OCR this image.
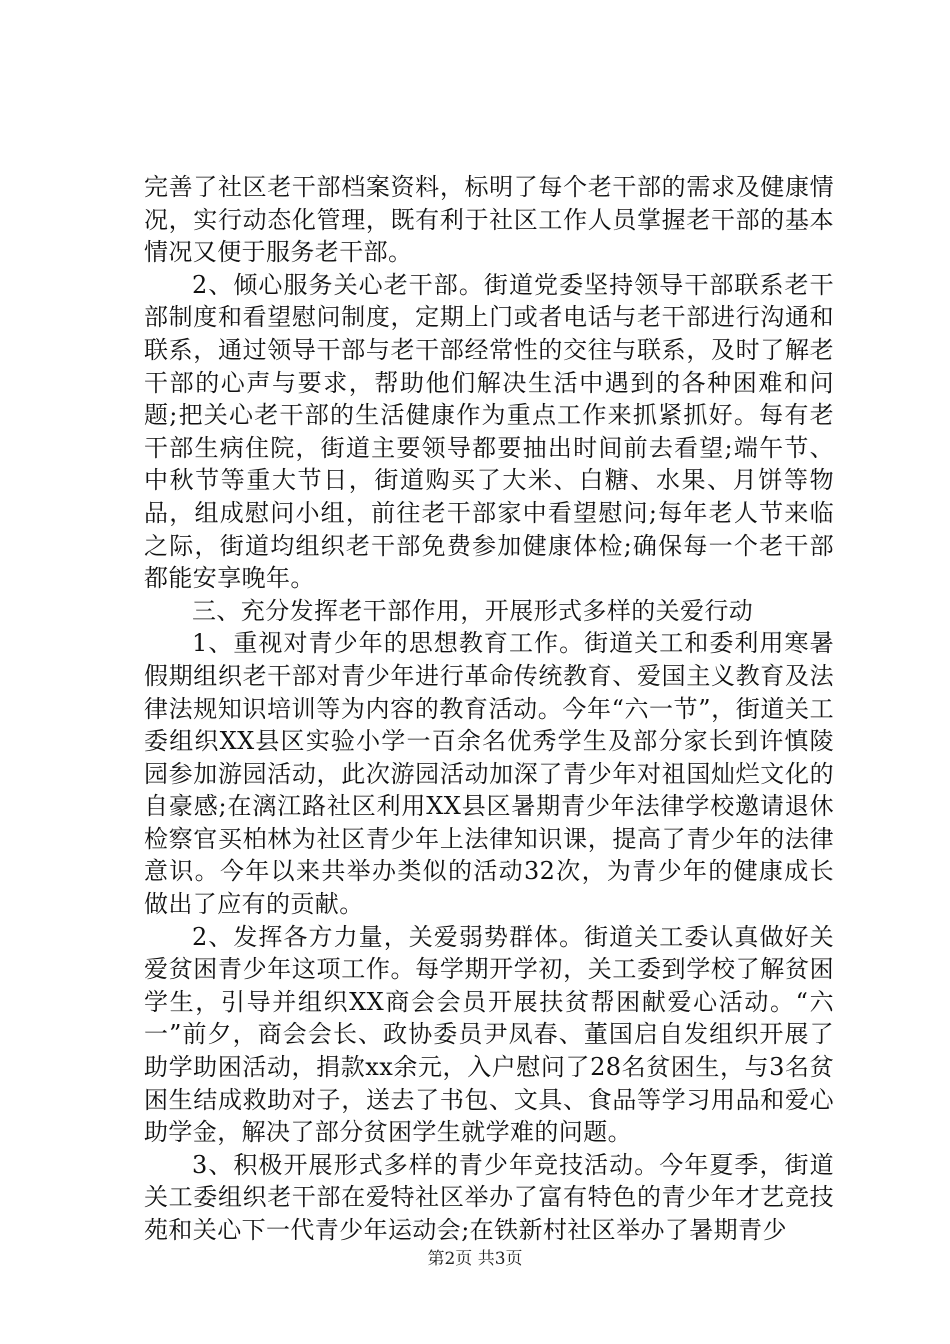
完善了社区老干部档案资料，标明了每个老干部的需求及健康情况，实行动态化管理，既有利于社区工作人员掌握老干部的基本情况又便于服务老干部。

2、倾心服务关心老干部。街道党委坚持领导干部联系老干部制度和看望慰问制度，定期上门或者电话与老干部进行沟通和联系，通过领导干部与老干部经常性的交往与联系，及时了解老干部的心声与要求，帮助他们解决生活中遇到的各种困难和问题;把关心老干部的生活健康作为重点工作来抓紧抓好。每有老干部生病住院，街道主要领导都要抽出时间前去看望;端午节、中秋节等重大节日，街道购买了大米、白糖、水果、月饼等物品，组成慰问小组，前往老干部家中看望慰问;每年老人节来临之际，街道均组织老干部免费参加健康体检;确保每一个老干部都能安享晚年。

三、充分发挥老干部作用，开展形式多样的关爱行动

1、重视对青少年的思想教育工作。街道关工和委利用寒暑假期组织老干部对青少年进行革命传统教育、爱国主义教育及法律法规知识培训等为内容的教育活动。今年“六一节”，街道关工委组织XX县区实验小学一百余名优秀学生及部分家长到许慎陵园参加游园活动，此次游园活动加深了青少年对祖国灿烂文化的自豪感;在漓江路社区利用XX县区暑期青少年法律学校邀请退休检察官买柏林为社区青少年上法律知识课，提高了青少年的法律意识。今年以来共举办类似的活动32次，为青少年的健康成长做出了应有的贡献。

2、发挥各方力量，关爱弱势群体。街道关工委认真做好关爱贫困青少年这项工作。每学期开学初，关工委到学校了解贫困学生，引导并组织XX商会会员开展扶贫帮困献爱心活动。“六一”前夕，商会会长、政协委员尹凤春、董国启自发组织开展了助学助困活动，捐款xx余元，入户慰问了28名贫困生，与3名贫困生结成救助对子，送去了书包、文具、食品等学习用品和爱心助学金，解决了部分贫困学生就学难的问题。

3、积极开展形式多样的青少年竞技活动。今年夏季，街道关工委组织老干部在爱特社区举办了富有特色的青少年才艺竞技苑和关心下一代青少年运动会;在铁新村社区举办了暑期青少

第2页 共3页
